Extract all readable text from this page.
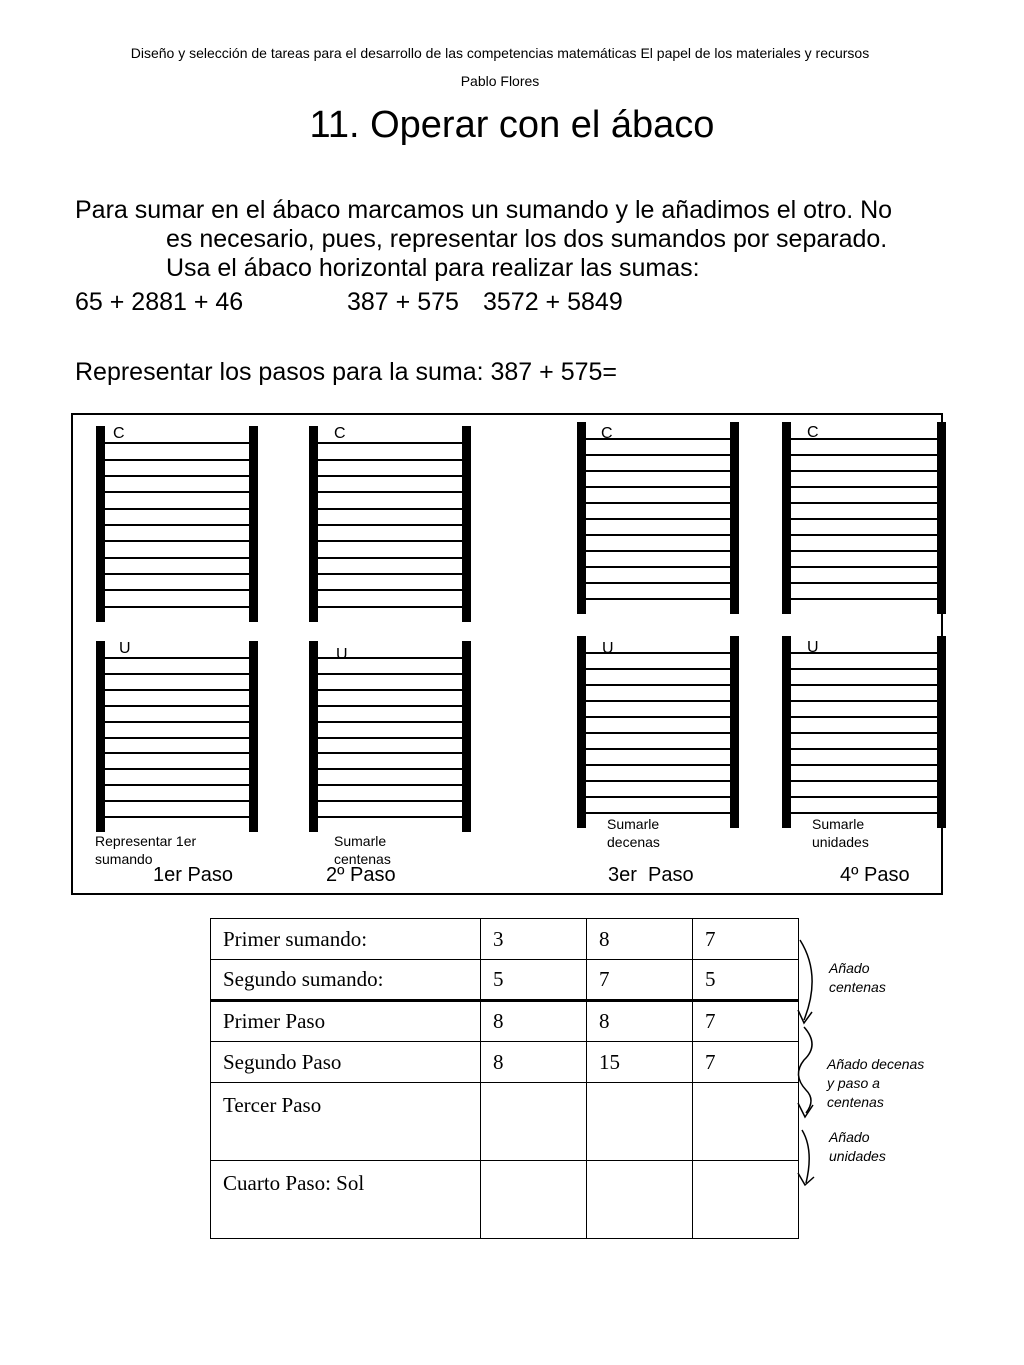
Diseño y selección de tareas para el desarrollo de las competencias matemáticas El papel de los materiales y recursos
Pablo Flores
11. Operar con el ábaco
Para sumar en el ábaco marcamos un sumando y le añadimos el otro. No
es necesario, pues, representar los dos sumandos por separado.
Usa el ábaco horizontal para realizar las sumas:
65 + 2881 + 46	387 + 575 3572 + 5849
Representar los pasos para la suma: 387 + 575=
C	C	C	C
U	U	U	U
Representar 1er
sumando
Sumarle
centenas
Sumarle
decenas
Sumarle
unidades
1er Paso	2º Paso	3er  Paso	4º Paso
Primer sumando:	3	8	7
Segundo sumando:	5	7	5
Primer Paso	8	8	7
Segundo Paso	8	15	7
Tercer Paso			
Cuarto Paso: Sol			
Añado
centenas
Añado decenas
y paso a
centenas
Añado
unidades
